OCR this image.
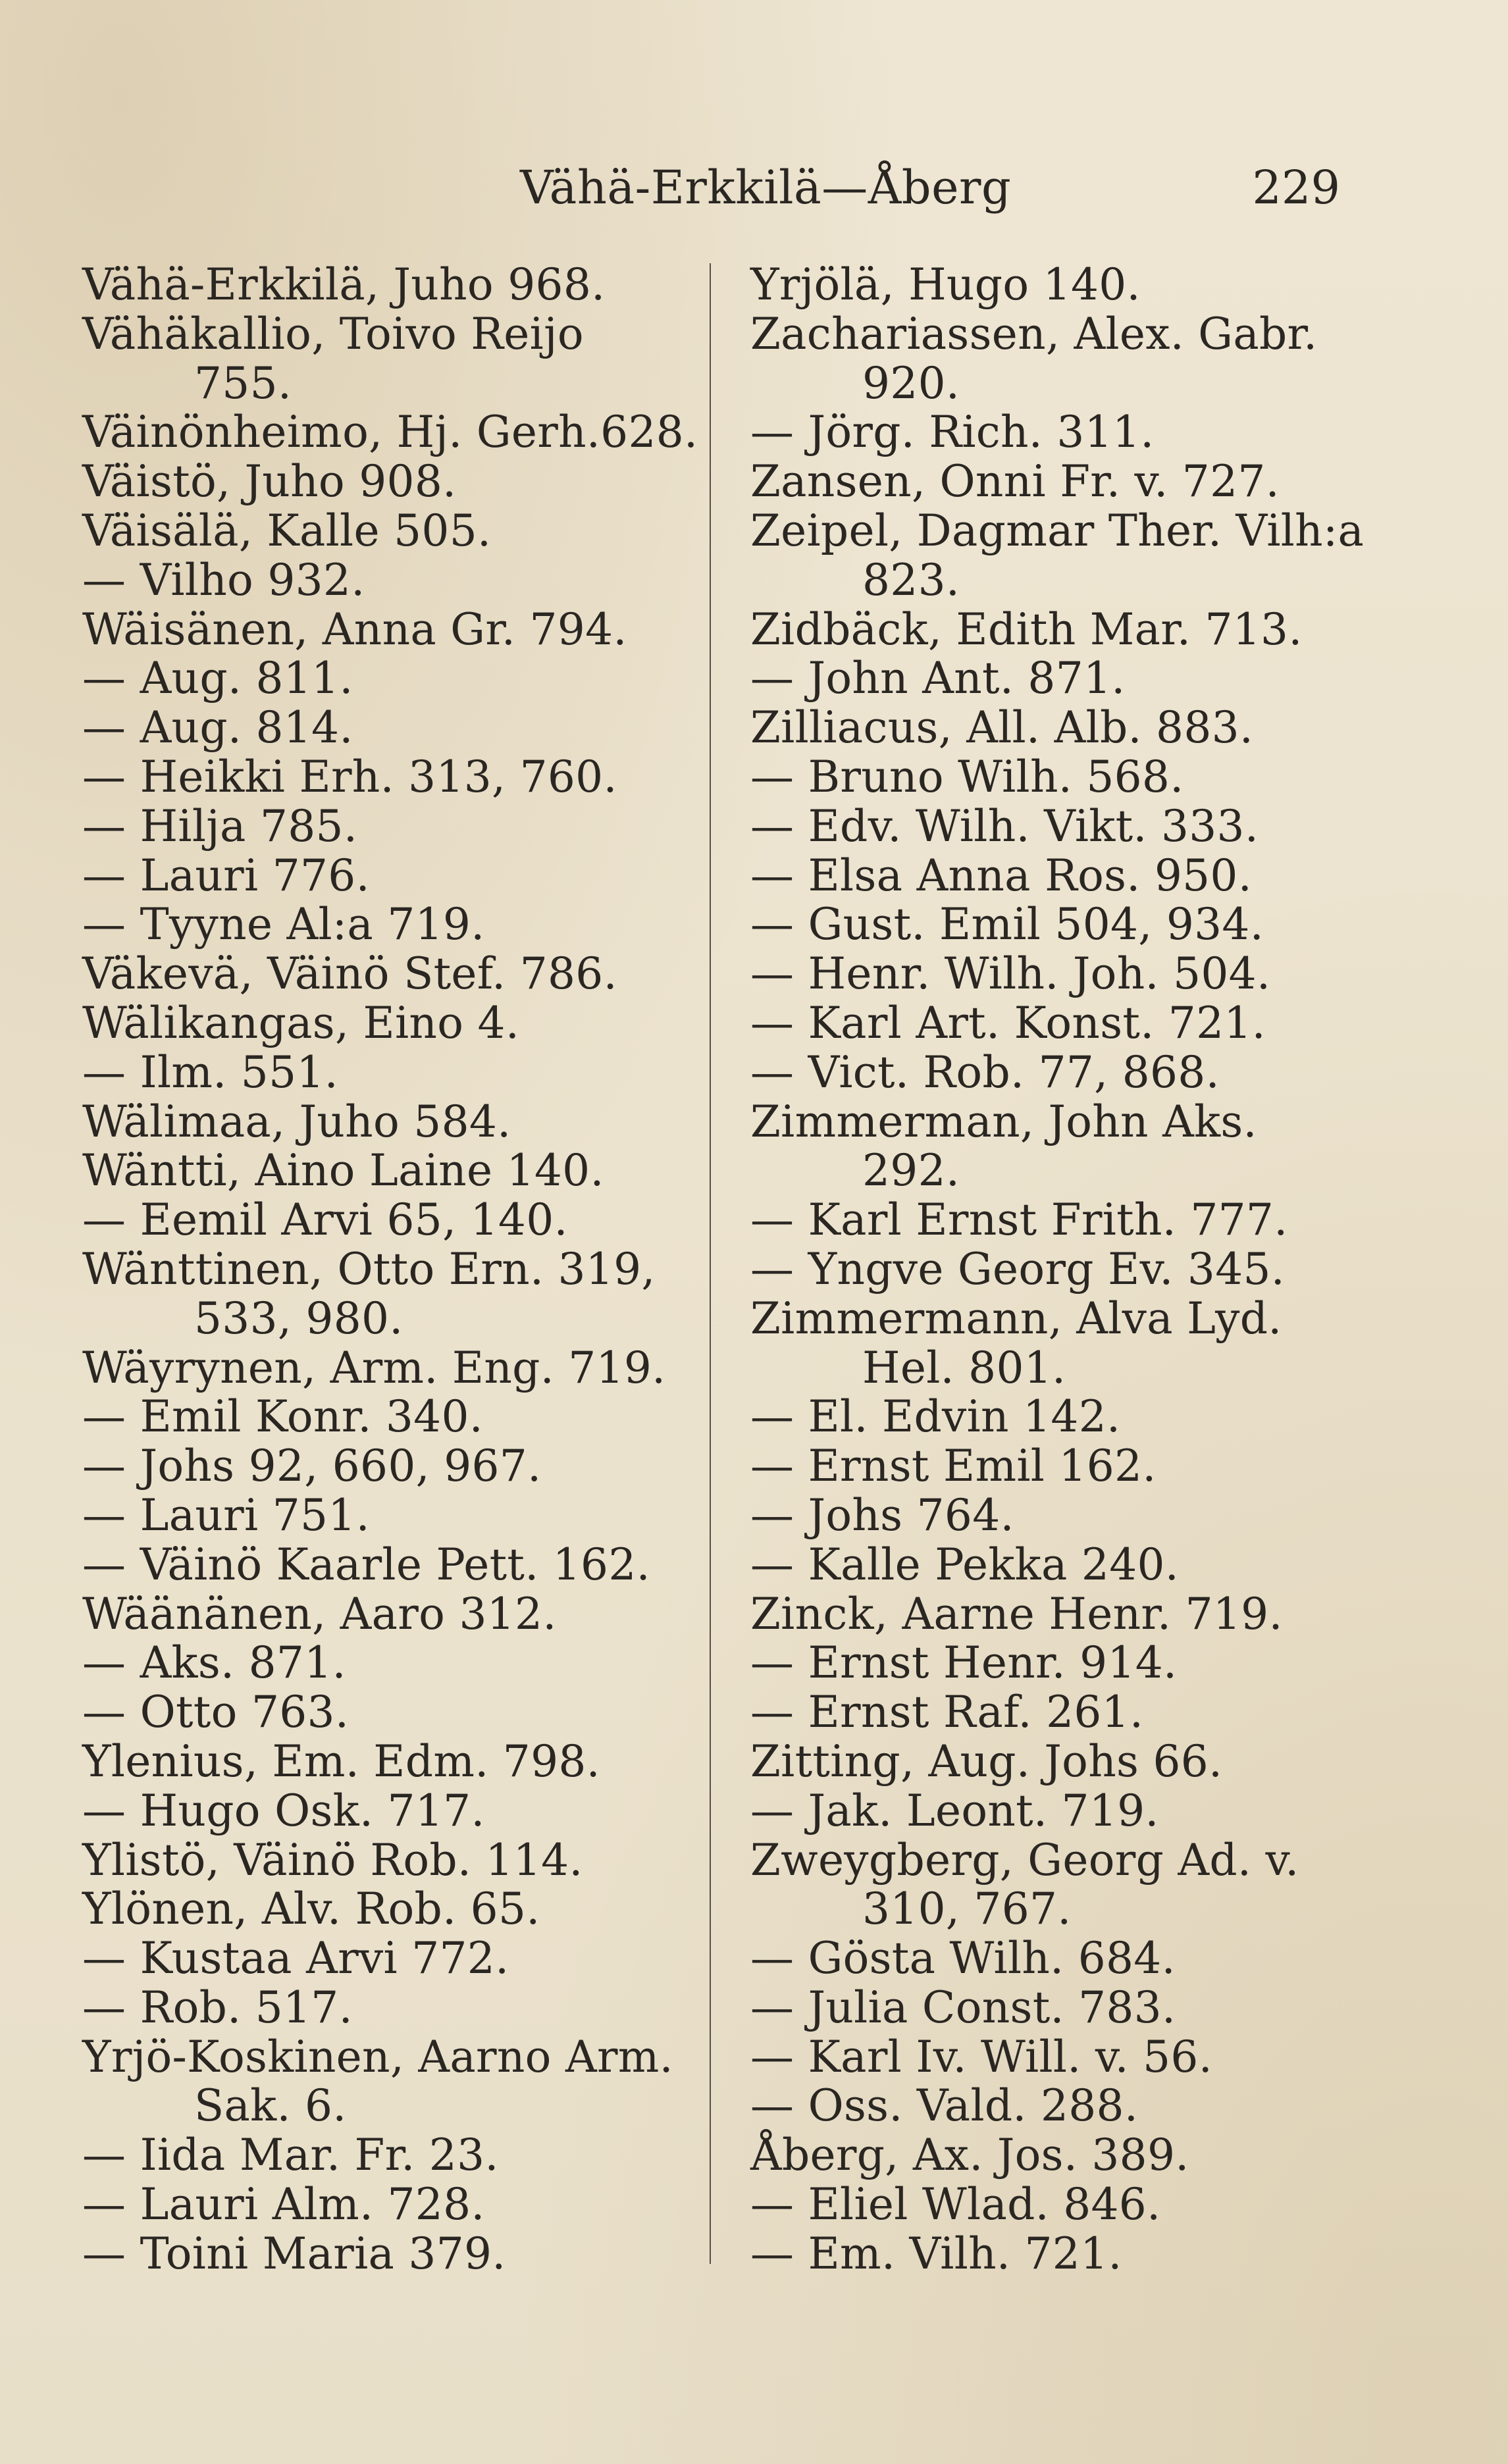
Vähä-Erkkilä—Åberg	229
Vähä-Erkkilä, Juho 968.
Vähäkallio, Toivo Reijo
755.
Väinönheimo, Hj. Gerh.628.
Väistö, Juho 908.
Väisälä, Kalle 505.
— Vilho 932.
Wäisänen, Anna Gr. 794.
— Aug. 811.
— Aug. 814.
— Heikki Erh. 313, 760.
— Hilja 785.
— Lauri 776.
— Tyyne Al:a 719.
Väkevä, Väinö Stef. 786.
Wälikangas, Eino 4.
— Ilm. 551.
Wälimaa, Juho 584.
Wäntti, Aino Laine 140.
— Eemil Arvi 65, 140.
Wänttinen, Otto Ern. 319,
533, 980.
Wäyrynen, Arm. Eng. 719.
— Emil Konr. 340.
— Johs 92, 660, 967.
— Lauri 751.
— Väinö Kaarle Pett. 162.
Wäänänen, Aaro 312.
— Aks. 871.
— Otto 763.
Ylenius, Em. Edm. 798.
— Hugo Osk. 717.
Ylistö, Väinö Rob. 114.
Ylönen, Alv. Rob. 65.
— Kustaa Arvi 772.
— Rob. 517.
Yrjö-Koskinen, Aarno Arm.
Sak. 6.
— Iida Mar. Fr. 23.
— Lauri Alm. 728.
— Toini Maria 379.
Yrjölä, Hugo 140.
Zachariassen, Alex. Gabr.
920.
— Jörg. Rich. 311.
Zansen, Onni Fr. v. 727.
Zeipel, Dagmar Ther. Vilh:a
823.
Zidbäck, Edith Mar. 713.
— John Ant. 871.
Zilliacus, All. Alb. 883.
— Bruno Wilh. 568.
— Edv. Wilh. Vikt. 333.
— Elsa Anna Ros. 950.
— Gust. Emil 504, 934.
— Henr. Wilh. Joh. 504.
— Karl Art. Konst. 721.
— Vict. Rob. 77, 868.
Zimmerman, John Aks.
292.
— Karl Ernst Frith. 777.
— Yngve Georg Ev. 345.
Zimmermann, Alva Lyd.
Hel. 801.
— El. Edvin 142.
— Ernst Emil 162.
— Johs 764.
— Kalle Pekka 240.
Zinck, Aarne Henr. 719.
— Ernst Henr. 914.
— Ernst Raf. 261.
Zitting, Aug. Johs 66.
— Jak. Leont. 719.
Zweygberg, Georg Ad. v.
310, 767.
— Gösta Wilh. 684.
— Julia Const. 783.
— Karl Iv. Will. v. 56.
— Oss. Vald. 288.
Åberg, Ax. Jos. 389.
— Eliel Wlad. 846.
— Em. Vilh. 721.
